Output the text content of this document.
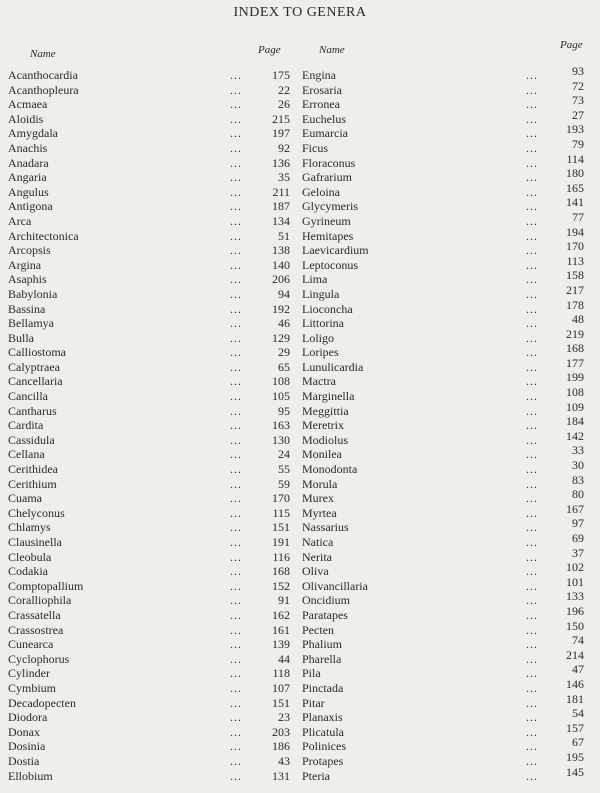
INDEX TO GENERA
Name	Page	Name	Page
Acanthocardia	...	175
Acanthopleura	...	22
Acmaea	...	26
Aloidis	...	215
Amygdala	...	197
Anachis	...	92
Anadara	...	136
Angaria	...	35
Angulus	...	211
Antigona	...	187
Arca	...	134
Architectonica	...	51
Arcopsis	...	138
Argina	...	140
Asaphis	...	206
Babylonia	...	94
Bassina	...	192
Bellamya	...	46
Bulla	...	129
Calliostoma	...	29
Calyptraea	...	65
Cancellaria	...	108
Cancilla	...	105
Cantharus	...	95
Cardita	...	163
Cassidula	...	130
Cellana	...	24
Cerithidea	...	55
Cerithium	...	59
Cuama	...	170
Chelyconus	...	115
Chlamys	...	151
Clausinella	...	191
Cleobula	...	116
Codakia	...	168
Comptopallium	...	152
Coralliophila	...	91
Crassatella	...	162
Crassostrea	...	161
Cunearca	...	139
Cyclophorus	...	44
Cylinder	...	118
Cymbium	...	107
Decadopecten	...	151
Diodora	...	23
Donax	...	203
Dosinia	...	186
Dostia	...	43
Ellobium	...	131
Engina	...	93
Erosaria	...	72
Erronea	...	73
Euchelus	...	27
Eumarcia	...	193
Ficus	...	79
Floraconus	...	114
Gafrarium	...	180
Geloina	...	165
Glycymeris	...	141
Gyrineum	...	77
Hemitapes	...	194
Laevicardium	...	170
Leptoconus	...	113
Lima	...	158
Lingula	...	217
Lioconcha	...	178
Littorina	...	48
Loligo	...	219
Loripes	...	168
Lunulicardia	...	177
Mactra	...	199
Marginella	...	108
Meggittia	...	109
Meretrix	...	184
Modiolus	...	142
Monilea	...	33
Monodonta	...	30
Morula	...	83
Murex	...	80
Myrtea	...	167
Nassarius	...	97
Natica	...	69
Nerita	...	37
Oliva	...	102
Olivancillaria	...	101
Oncidium	...	133
Paratapes	...	196
Pecten	...	150
Phalium	...	74
Pharella	...	214
Pila	...	47
Pinctada	...	146
Pitar	...	181
Planaxis	...	54
Plicatula	...	157
Polinices	...	67
Protapes	...	195
Pteria	...	145
